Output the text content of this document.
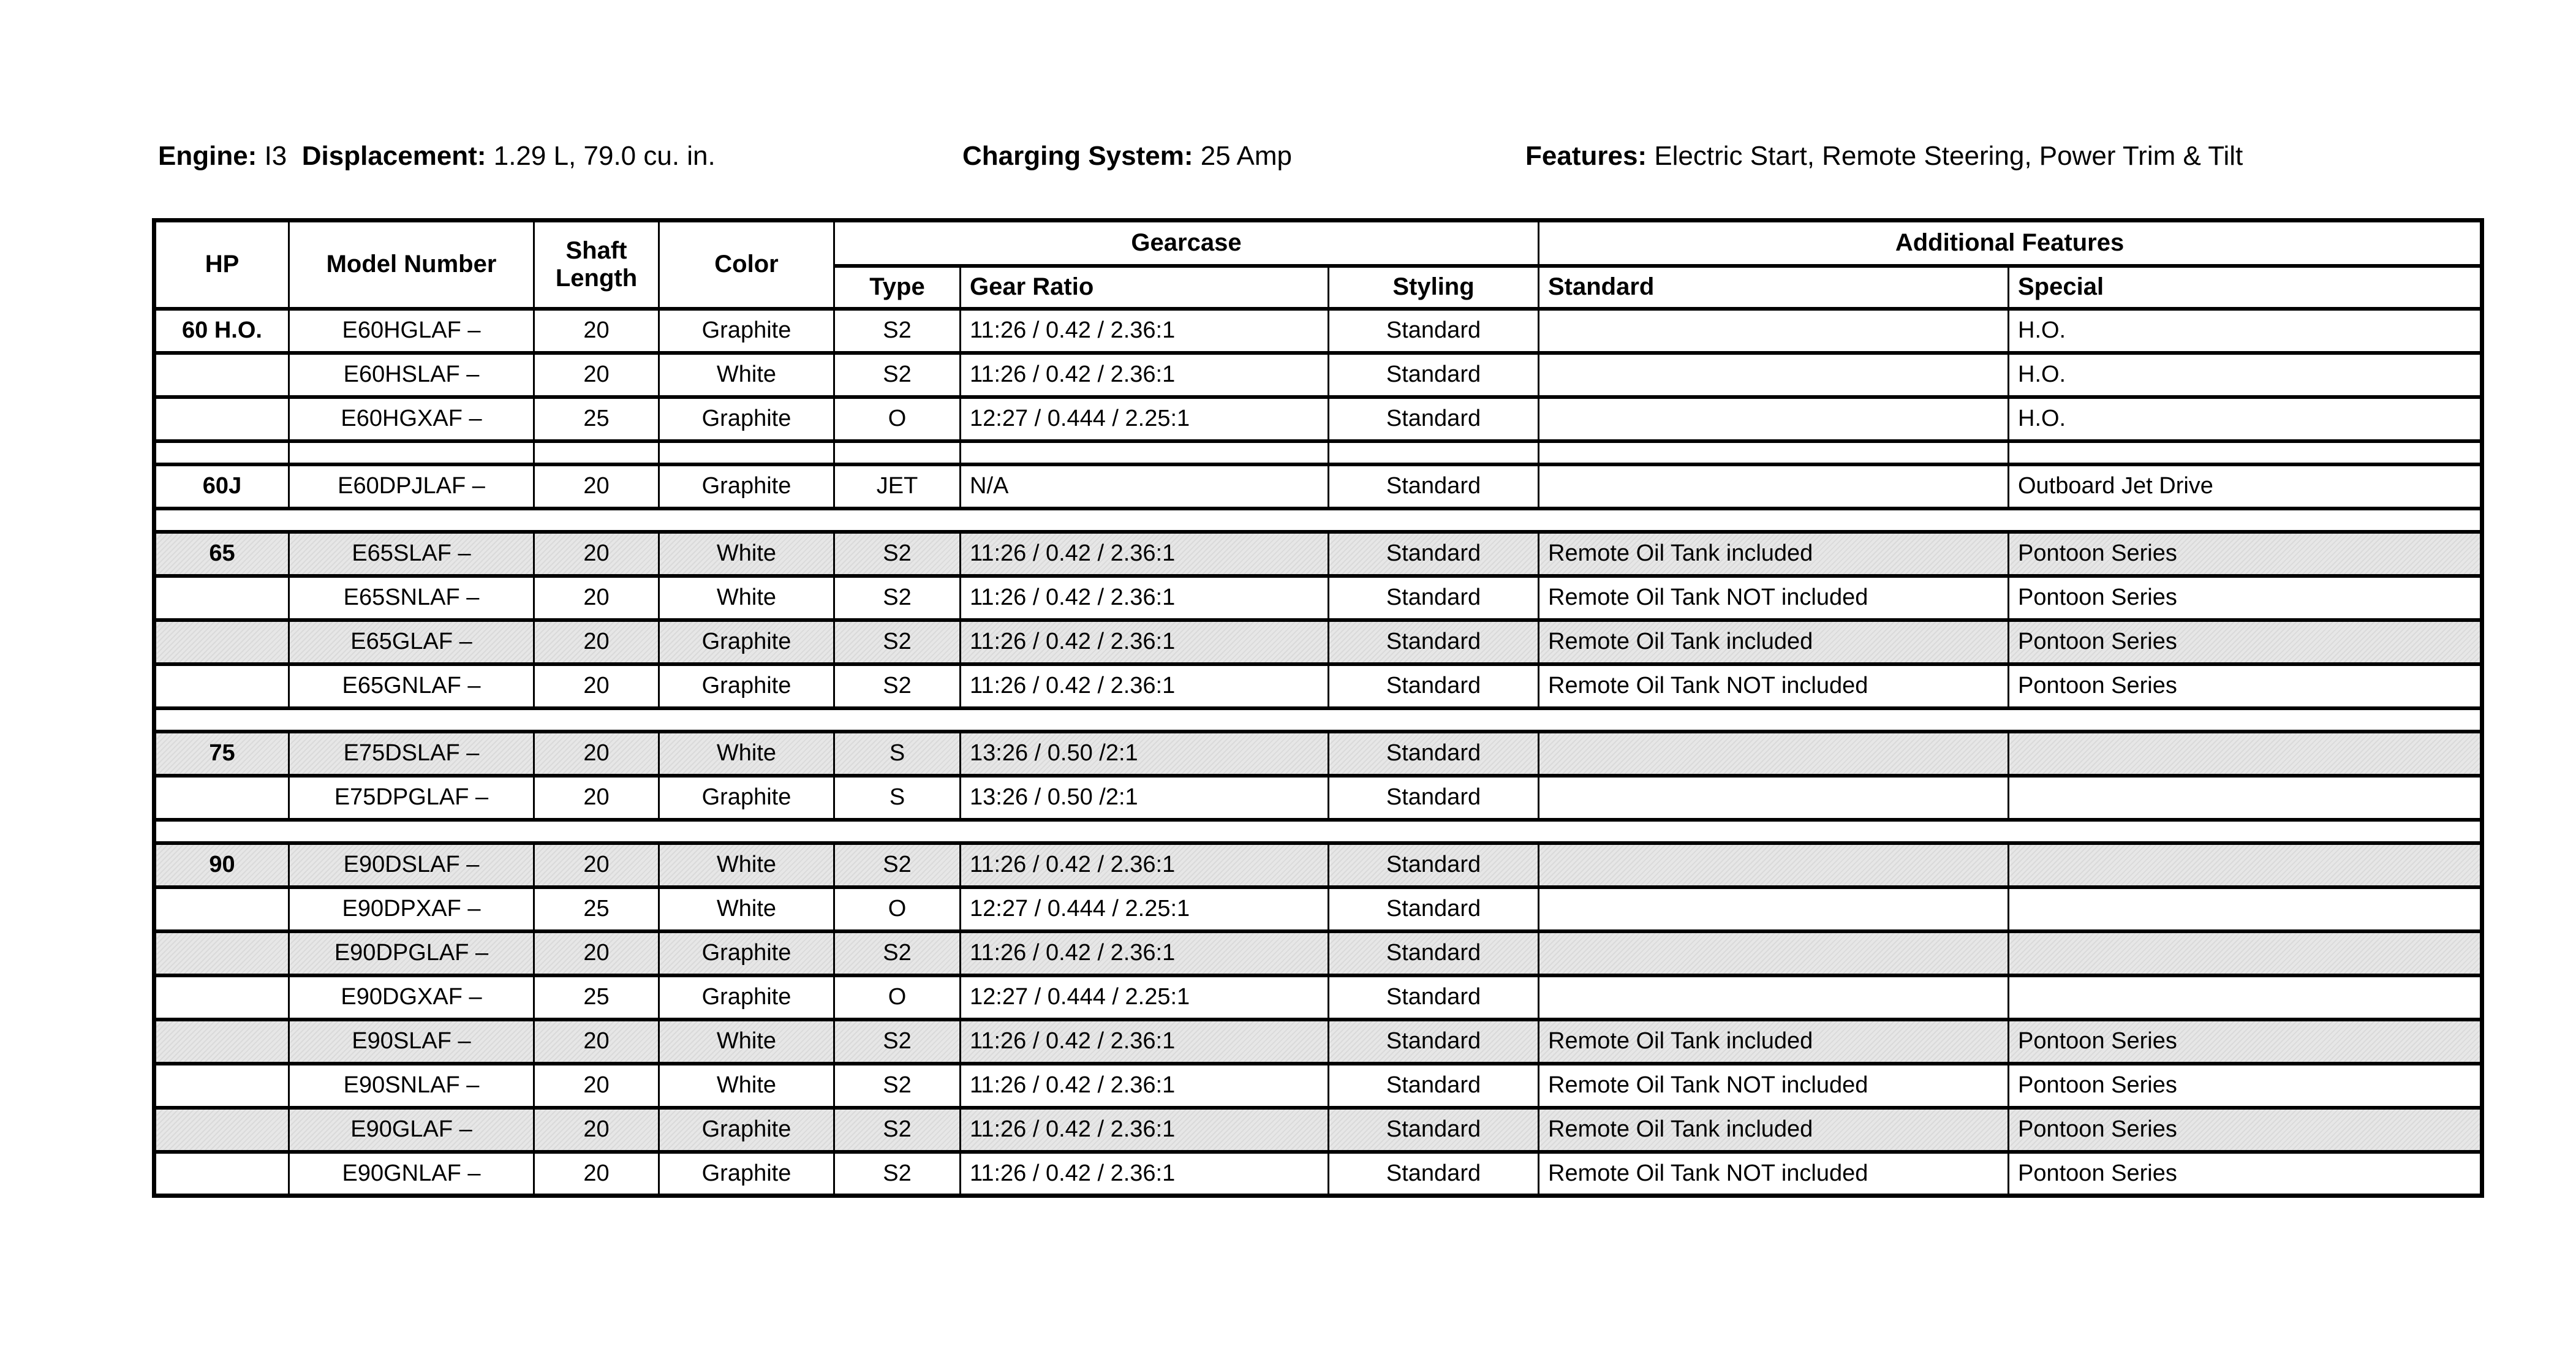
Engine: I3 Displacement: 1.29 L, 79.0 cu. in.	Charging System: 25 Amp	Features: Electric Start, Remote Steering, Power Trim & Tilt
HP	Model Number	Shaft Length	Color	Gearcase			Additional Features	
				Type	Gear Ratio	Styling	Standard	Special
60 H.O.	E60HGLAF –	20	Graphite	S2	11:26 / 0.42 / 2.36:1	Standard		H.O.
	E60HSLAF –	20	White	S2	11:26 / 0.42 / 2.36:1	Standard		H.O.
	E60HGXAF –	25	Graphite	O	12:27 / 0.444 / 2.25:1	Standard		H.O.

60J	E60DPJLAF –	20	Graphite	JET	N/A	Standard		Outboard Jet Drive

65	E65SLAF –	20	White	S2	11:26 / 0.42 / 2.36:1	Standard	Remote Oil Tank included	Pontoon Series
	E65SNLAF –	20	White	S2	11:26 / 0.42 / 2.36:1	Standard	Remote Oil Tank NOT included	Pontoon Series
	E65GLAF –	20	Graphite	S2	11:26 / 0.42 / 2.36:1	Standard	Remote Oil Tank included	Pontoon Series
	E65GNLAF –	20	Graphite	S2	11:26 / 0.42 / 2.36:1	Standard	Remote Oil Tank NOT included	Pontoon Series

75	E75DSLAF –	20	White	S	13:26 / 0.50 /2:1	Standard		
	E75DPGLAF –	20	Graphite	S	13:26 / 0.50 /2:1	Standard		

90	E90DSLAF –	20	White	S2	11:26 / 0.42 / 2.36:1	Standard		
	E90DPXAF –	25	White	O	12:27 / 0.444 / 2.25:1	Standard		
	E90DPGLAF –	20	Graphite	S2	11:26 / 0.42 / 2.36:1	Standard		
	E90DGXAF –	25	Graphite	O	12:27 / 0.444 / 2.25:1	Standard		
	E90SLAF –	20	White	S2	11:26 / 0.42 / 2.36:1	Standard	Remote Oil Tank included	Pontoon Series
	E90SNLAF –	20	White	S2	11:26 / 0.42 / 2.36:1	Standard	Remote Oil Tank NOT included	Pontoon Series
	E90GLAF –	20	Graphite	S2	11:26 / 0.42 / 2.36:1	Standard	Remote Oil Tank included	Pontoon Series
	E90GNLAF –	20	Graphite	S2	11:26 / 0.42 / 2.36:1	Standard	Remote Oil Tank NOT included	Pontoon Series
